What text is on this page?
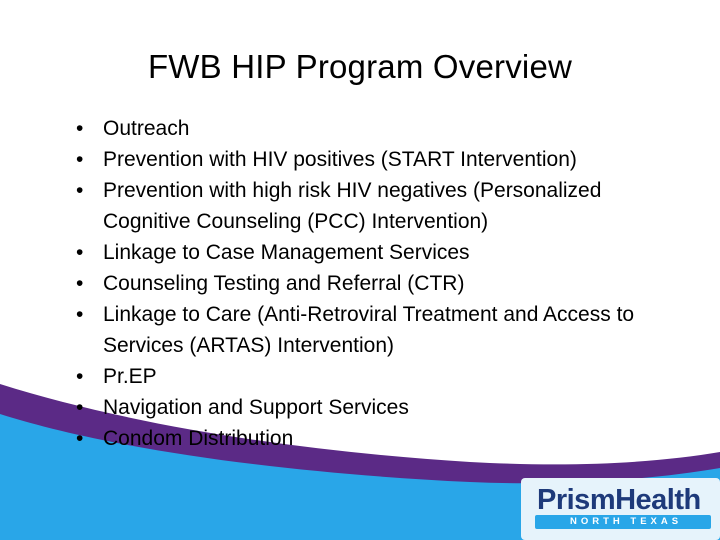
FWB HIP Program Overview
• Outreach
• Prevention with HIV positives (START Intervention)
• Prevention with high risk HIV negatives (Personalized Cognitive Counseling (PCC) Intervention)
• Linkage to Case Management Services
• Counseling Testing and Referral (CTR)
• Linkage to Care (Anti-Retroviral Treatment and Access to Services (ARTAS) Intervention)
• Pr.EP
• Navigation and Support Services
• Condom Distribution
PrismHealth
NORTH TEXAS
